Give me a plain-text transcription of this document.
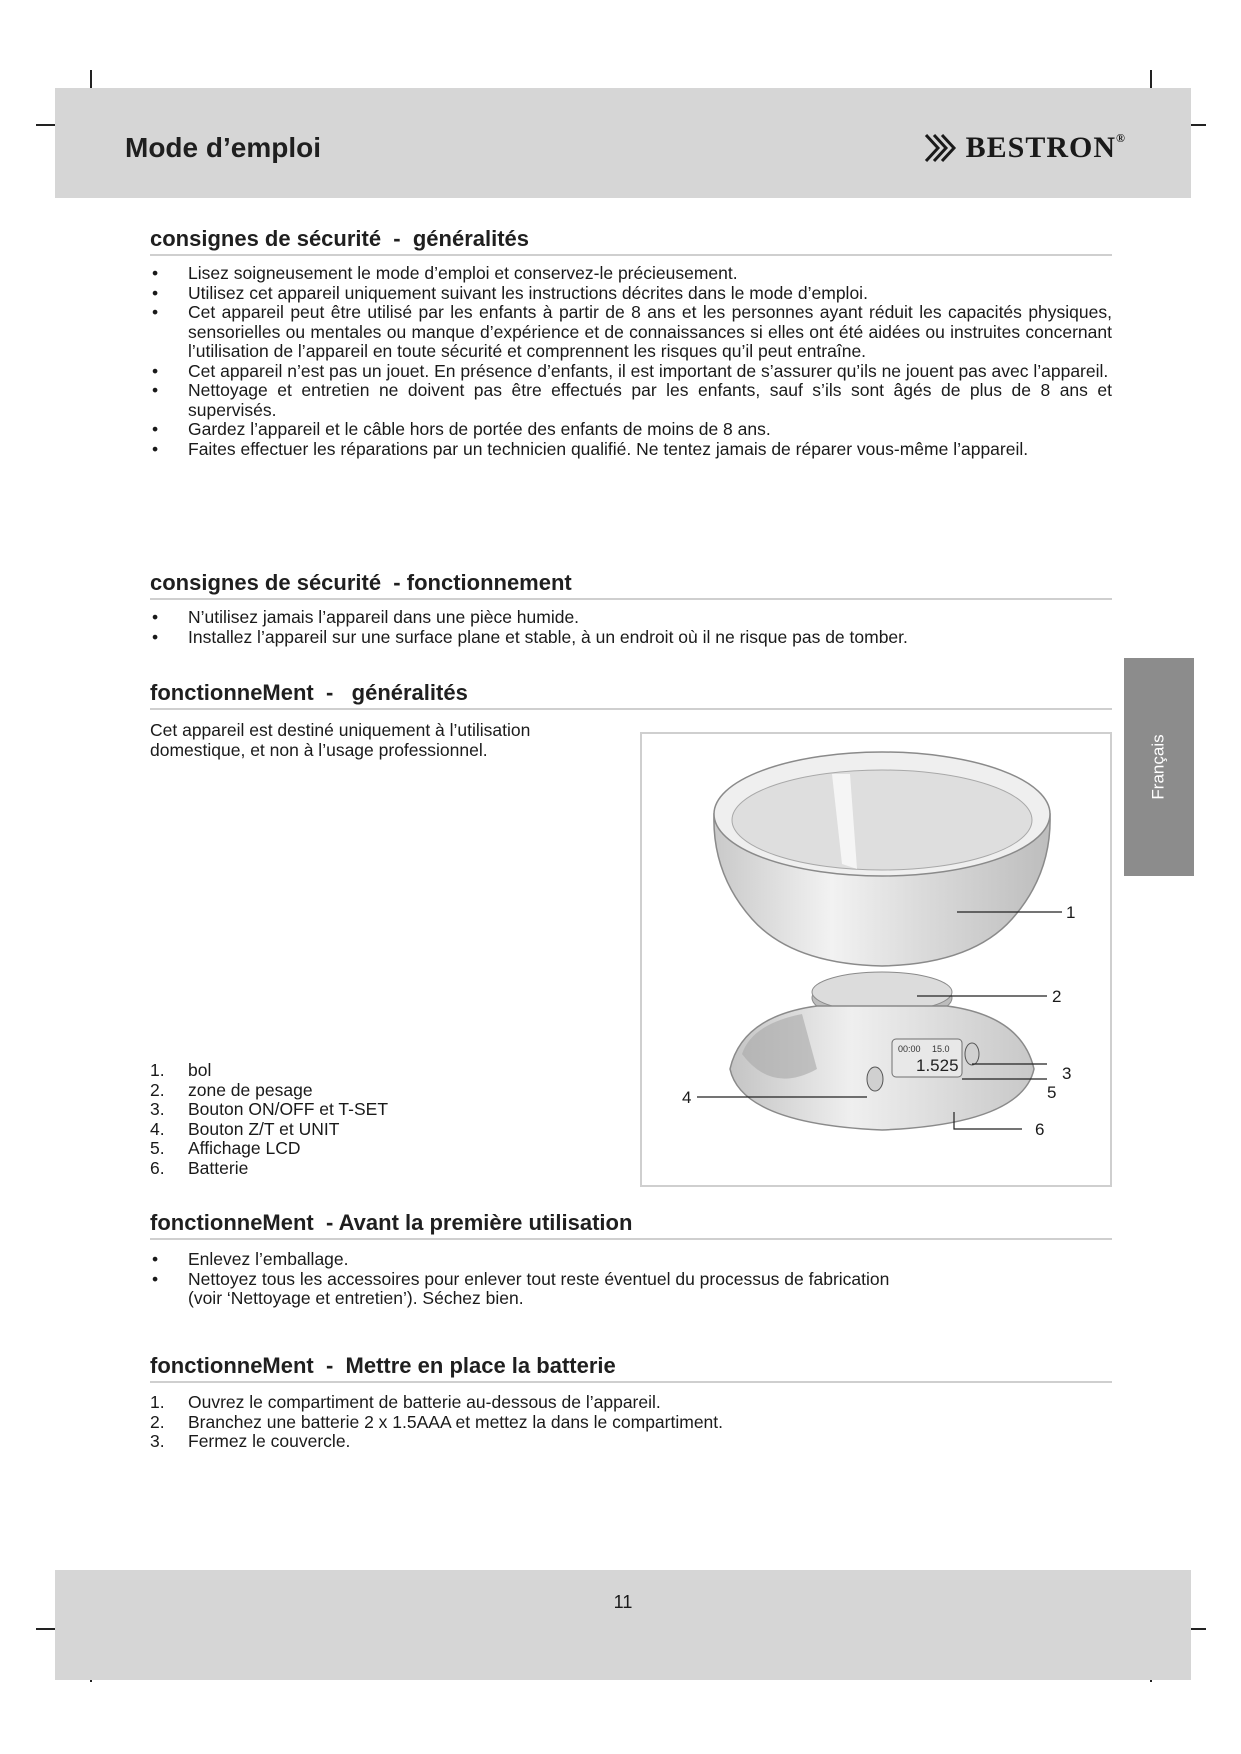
Mode d’emploi	BESTRON®
Français
consignes de sécurité  -  généralités
• Lisez soigneusement le mode d’emploi et conservez-le précieusement.
• Utilisez cet appareil uniquement suivant les instructions décrites dans le mode d’emploi.
• Cet appareil peut être utilisé par les enfants à partir de 8 ans et les personnes ayant réduit les capacités physiques, sensorielles ou mentales ou manque d’expérience et de connaissances si elles ont été aidées ou instruites concernant l’utilisation de l’appareil en toute sécurité et comprennent les risques qu’il peut entraîne.
• Cet appareil n’est pas un jouet. En présence d’enfants, il est important de s’assurer qu’ils ne jouent pas avec l’appareil.
• Nettoyage et entretien ne doivent pas être effectués par les enfants, sauf s’ils sont âgés de plus de 8 ans et supervisés.
• Gardez l’appareil et le câble hors de portée des enfants de moins de 8 ans.
• Faites effectuer les réparations par un technicien qualifié. Ne tentez jamais de réparer vous-même l’appareil.
consignes de sécurité  - fonctionnement
• N’utilisez jamais l’appareil dans une pièce humide.
• Installez l’appareil sur une surface plane et stable, à un endroit où il ne risque pas de tomber.
fonctionneMent  -   généralités

Cet appareil est destiné uniquement à l’utilisation domestique, et non à l’usage professionnel.

1. bol
2. zone de pesage
3. Bouton ON/OFF et T-SET
4. Bouton Z/T et UNIT
5. Affichage LCD
6. Batterie
00:00 15.0
1.525
1
2
3
4	5
6
fonctionneMent  - Avant la première utilisation
• Enlevez l’emballage.
• Nettoyez tous les accessoires pour enlever tout reste éventuel du processus de fabrication (voir ‘Nettoyage et entretien’). Séchez bien.
fonctionneMent  -  Mettre en place la batterie
1. Ouvrez le compartiment de batterie au-dessous de l’appareil.
2. Branchez une batterie 2 x 1.5AAA et mettez la dans le compartiment.
3. Fermez le couvercle.
11
